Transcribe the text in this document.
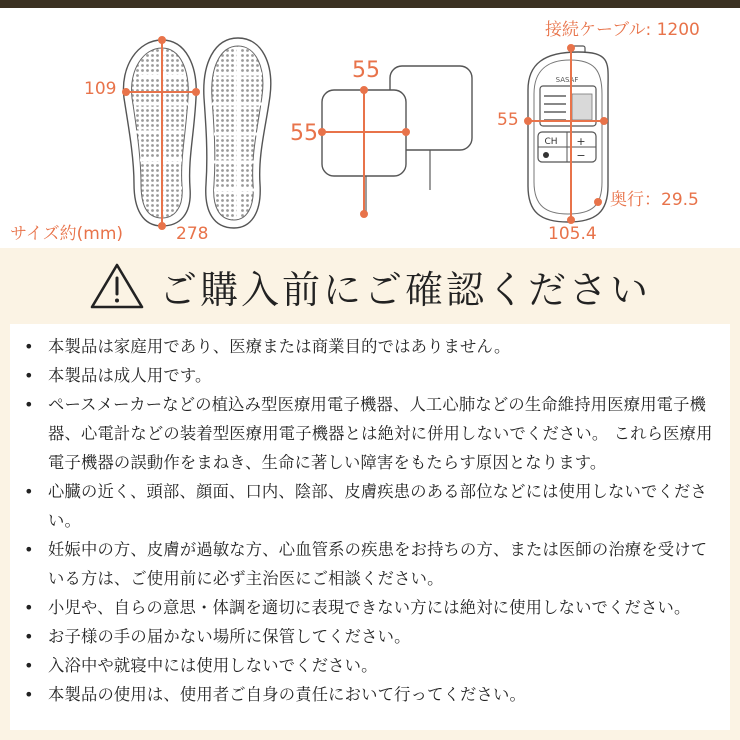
SASAF
CH +
−
接続ケーブル: 1200
109
サイズ約(mm)	278
55
55
55
奥行：29.5
105.4
ご購入前にご確認ください
• 本製品は家庭用であり、医療または商業目的ではありません。
• 本製品は成人用です。
• ペースメーカーなどの植込み型医療用電子機器、人工心肺などの生命維持用医療用電子機器、心電計などの装着型医療用電子機器とは絶対に併用しないでください。 これら医療用電子機器の誤動作をまねき、生命に著しい障害をもたらす原因となります。
• 心臓の近く、頭部、顔面、口内、陰部、皮膚疾患のある部位などには使用しないでください。
• 妊娠中の方、皮膚が過敏な方、心血管系の疾患をお持ちの方、または医師の治療を受けている方は、ご使用前に必ず主治医にご相談ください。
• 小児や、自らの意思・体調を適切に表現できない方には絶対に使用しないでください。
• お子様の手の届かない場所に保管してください。
• 入浴中や就寝中には使用しないでください。
• 本製品の使用は、使用者ご自身の責任において行ってください。
